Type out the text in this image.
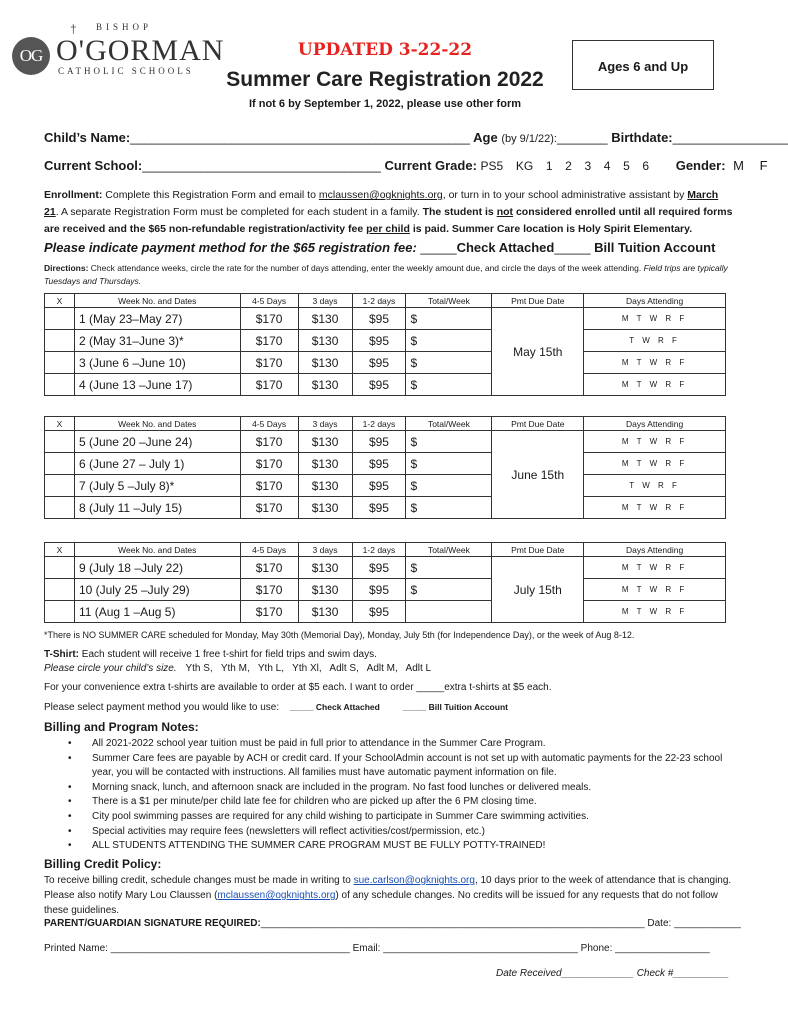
OG
† BISHOP
O'GORMAN
CATHOLIC SCHOOLS
UPDATED 3-22-22
Summer Care Registration 2022
If not 6 by September 1, 2022, please use other form
Ages 6 and Up
Child’s Name:_______________________________________________ Age (by 9/1/22):_______ Birthdate:________________
Current School:_________________________________ Current Grade: PS5 KG 1 2 3 4 5 6 Gender: M F
Enrollment: Complete this Registration Form and email to mclaussen@ogknights.org, or turn in to your school administrative assistant by March 21. A separate Registration Form must be completed for each student in a family. The student is not considered enrolled until all required forms are received and the $65 non-refundable registration/activity fee per child is paid. Summer Care location is Holy Spirit Elementary.
Please indicate payment method for the $65 registration fee: _____Check Attached_____ Bill Tuition Account
Directions: Check attendance weeks, circle the rate for the number of days attending, enter the weekly amount due, and circle the days of the week attending. Field trips are typically Tuesdays and Thursdays.
X	Week No. and Dates	4-5 Days	3 days	1-2 days	Total/Week	Pmt Due Date	Days Attending
	1 (May 23–May 27)	$170	$130	$95	$	May 15th	M T W R F
	2 (May 31–June 3)*	$170	$130	$95	$		T W R F
	3 (June 6 –June 10)	$170	$130	$95	$		M T W R F
	4 (June 13 –June 17)	$170	$130	$95	$		M T W R F
X	Week No. and Dates	4-5 Days	3 days	1-2 days	Total/Week	Pmt Due Date	Days Attending
	5 (June 20 –June 24)	$170	$130	$95	$	June 15th	M T W R F
	6 (June 27 – July 1)	$170	$130	$95	$		M T W R F
	7 (July 5 –July 8)*	$170	$130	$95	$		T W R F
	8 (July 11 –July 15)	$170	$130	$95	$		M T W R F
X	Week No. and Dates	4-5 Days	3 days	1-2 days	Total/Week	Pmt Due Date	Days Attending
	9 (July 18 –July 22)	$170	$130	$95	$	July 15th	M T W R F
	10 (July 25 –July 29)	$170	$130	$95	$		M T W R F
	11 (Aug 1 –Aug 5)	$170	$130	$95			M T W R F
*There is NO SUMMER CARE scheduled for Monday, May 30th (Memorial Day), Monday, July 5th (for Independence Day), or the week of Aug 8-12.
T-Shirt: Each student will receive 1 free t-shirt for field trips and swim days.
Please circle your child’s size. Yth S,   Yth M,   Yth L,   Yth Xl,   Adlt S,   Adlt M,   Adlt L
For your convenience extra t-shirts are available to order at $5 each. I want to order _____extra t-shirts at $5 each.
Please select payment method you would like to use: _____ Check Attached	_____ Bill Tuition Account
Billing and Program Notes:
• All 2021-2022 school year tuition must be paid in full prior to attendance in the Summer Care Program.
• Summer Care fees are payable by ACH or credit card. If your SchoolAdmin account is not set up with automatic payments for the 22-23 school year, you will be contacted with instructions. All families must have automatic payment information on file.
• Morning snack, lunch, and afternoon snack are included in the program. No fast food lunches or delivered meals.
• There is a $1 per minute/per child late fee for children who are picked up after the 6 PM closing time.
• City pool swimming passes are required for any child wishing to participate in Summer Care swimming activities.
• Special activities may require fees (newsletters will reflect activities/cost/permission, etc.)
• ALL STUDENTS ATTENDING THE SUMMER CARE PROGRAM MUST BE FULLY POTTY-TRAINED!
Billing Credit Policy:
To receive billing credit, schedule changes must be made in writing to sue.carlson@ogknights.org, 10 days prior to the week of attendance that is changing. Please also notify Mary Lou Claussen (mclaussen@ogknights.org) of any schedule changes. No credits will be issued for any requests that do not follow these guidelines.
PARENT/GUARDIAN SIGNATURE REQUIRED:_____________________________________________________________________ Date: ____________
Printed Name: ___________________________________________ Email: ___________________________________ Phone: _________________
Date Received_____________ Check #__________
